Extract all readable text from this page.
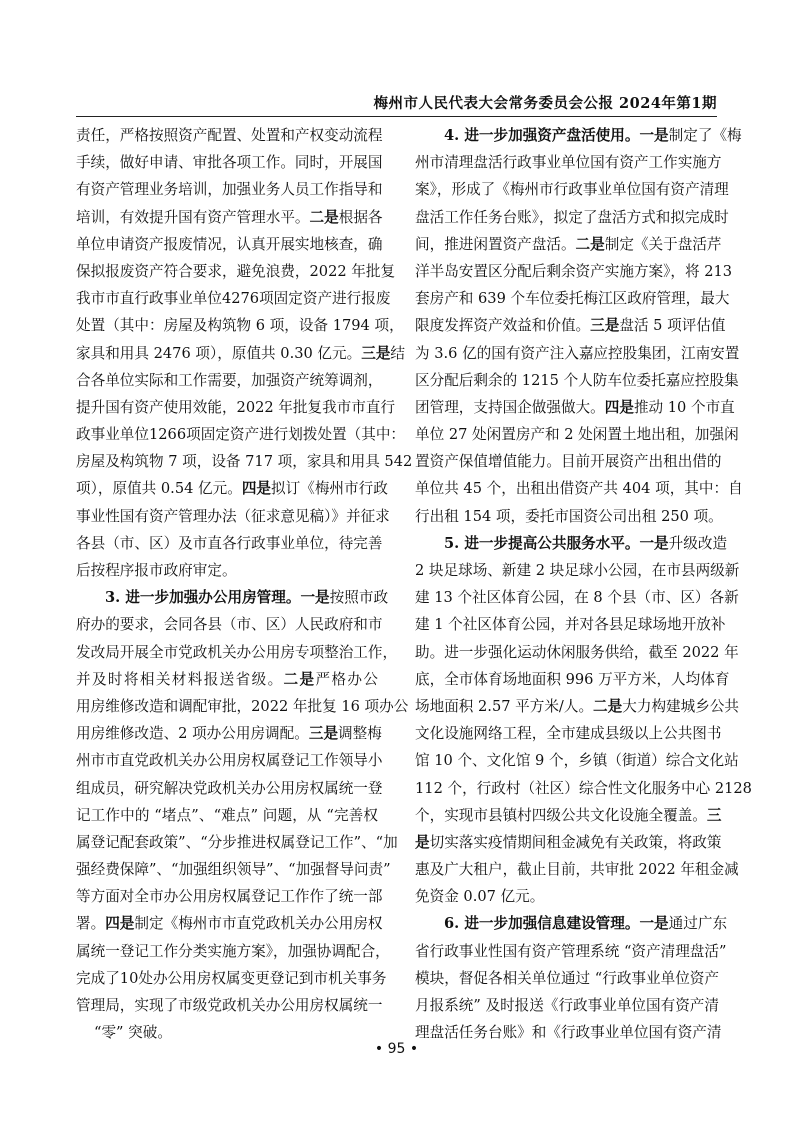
梅州市人民代表大会常务委员会公报 2024年第1期
责任，严格按照资产配置、处置和产权变动流程
手续，做好申请、审批各项工作。同时，开展国
有资产管理业务培训，加强业务人员工作指导和
培训，有效提升国有资产管理水平。二是根据各
单位申请资产报废情况，认真开展实地核查，确
保拟报废资产符合要求，避免浪费，2022 年批复
我市市直行政事业单位4276项固定资产进行报废
处置（其中：房屋及构筑物 6 项，设备 1794 项，
家具和用具 2476 项），原值共 0.30 亿元。三是结
合各单位实际和工作需要，加强资产统筹调剂，
提升国有资产使用效能，2022 年批复我市市直行
政事业单位1266项固定资产进行划拨处置（其中：
房屋及构筑物 7 项，设备 717 项，家具和用具 542
项），原值共 0.54 亿元。四是拟订《梅州市行政
事业性国有资产管理办法（征求意见稿）》并征求
各县（市、区）及市直各行政事业单位，待完善
后按程序报市政府审定。
3. 进一步加强办公用房管理。一是按照市政
府办的要求，会同各县（市、区）人民政府和市
发改局开展全市党政机关办公用房专项整治工作，
并及时将相关材料报送省级。二是严格办公
用房维修改造和调配审批，2022 年批复 16 项办公
用房维修改造、2 项办公用房调配。三是调整梅
州市市直党政机关办公用房权属登记工作领导小
组成员，研究解决党政机关办公用房权属统一登
记工作中的 “堵点”、“难点” 问题，从 “完善权
属登记配套政策”、“分步推进权属登记工作”、“加
强经费保障”、“加强组织领导”、“加强督导问责”
等方面对全市办公用房权属登记工作作了统一部
署。四是制定《梅州市市直党政机关办公用房权
属统一登记工作分类实施方案》，加强协调配合，
完成了10处办公用房权属变更登记到市机关事务
管理局，实现了市级党政机关办公用房权属统一
“零” 突破。
4. 进一步加强资产盘活使用。一是制定了《梅
州市清理盘活行政事业单位国有资产工作实施方
案》，形成了《梅州市行政事业单位国有资产清理
盘活工作任务台账》，拟定了盘活方式和拟完成时
间，推进闲置资产盘活。二是制定《关于盘活芹
洋半岛安置区分配后剩余资产实施方案》，将 213
套房产和 639 个车位委托梅江区政府管理，最大
限度发挥资产效益和价值。三是盘活 5 项评估值
为 3.6 亿的国有资产注入嘉应控股集团，江南安置
区分配后剩余的 1215 个人防车位委托嘉应控股集
团管理，支持国企做强做大。四是推动 10 个市直
单位 27 处闲置房产和 2 处闲置土地出租，加强闲
置资产保值增值能力。目前开展资产出租出借的
单位共 45 个，出租出借资产共 404 项，其中：自
行出租 154 项，委托市国资公司出租 250 项。
5. 进一步提高公共服务水平。一是升级改造
2 块足球场、新建 2 块足球小公园，在市县两级新
建 13 个社区体育公园，在 8 个县（市、区）各新
建 1 个社区体育公园，并对各县足球场地开放补
助。进一步强化运动休闲服务供给，截至 2022 年
底，全市体育场地面积 996 万平方米，人均体育
场地面积 2.57 平方米/人。二是大力构建城乡公共
文化设施网络工程，全市建成县级以上公共图书
馆 10 个、文化馆 9 个，乡镇（街道）综合文化站
112 个，行政村（社区）综合性文化服务中心 2128
个，实现市县镇村四级公共文化设施全覆盖。三
是切实落实疫情期间租金减免有关政策，将政策
惠及广大租户，截止目前，共审批 2022 年租金减
免资金 0.07 亿元。
6. 进一步加强信息建设管理。一是通过广东
省行政事业性国有资产管理系统 “资产清理盘活”
模块，督促各相关单位通过 “行政事业单位资产
月报系统” 及时报送《行政事业单位国有资产清
理盘活任务台账》和《行政事业单位国有资产清
• 95 •
